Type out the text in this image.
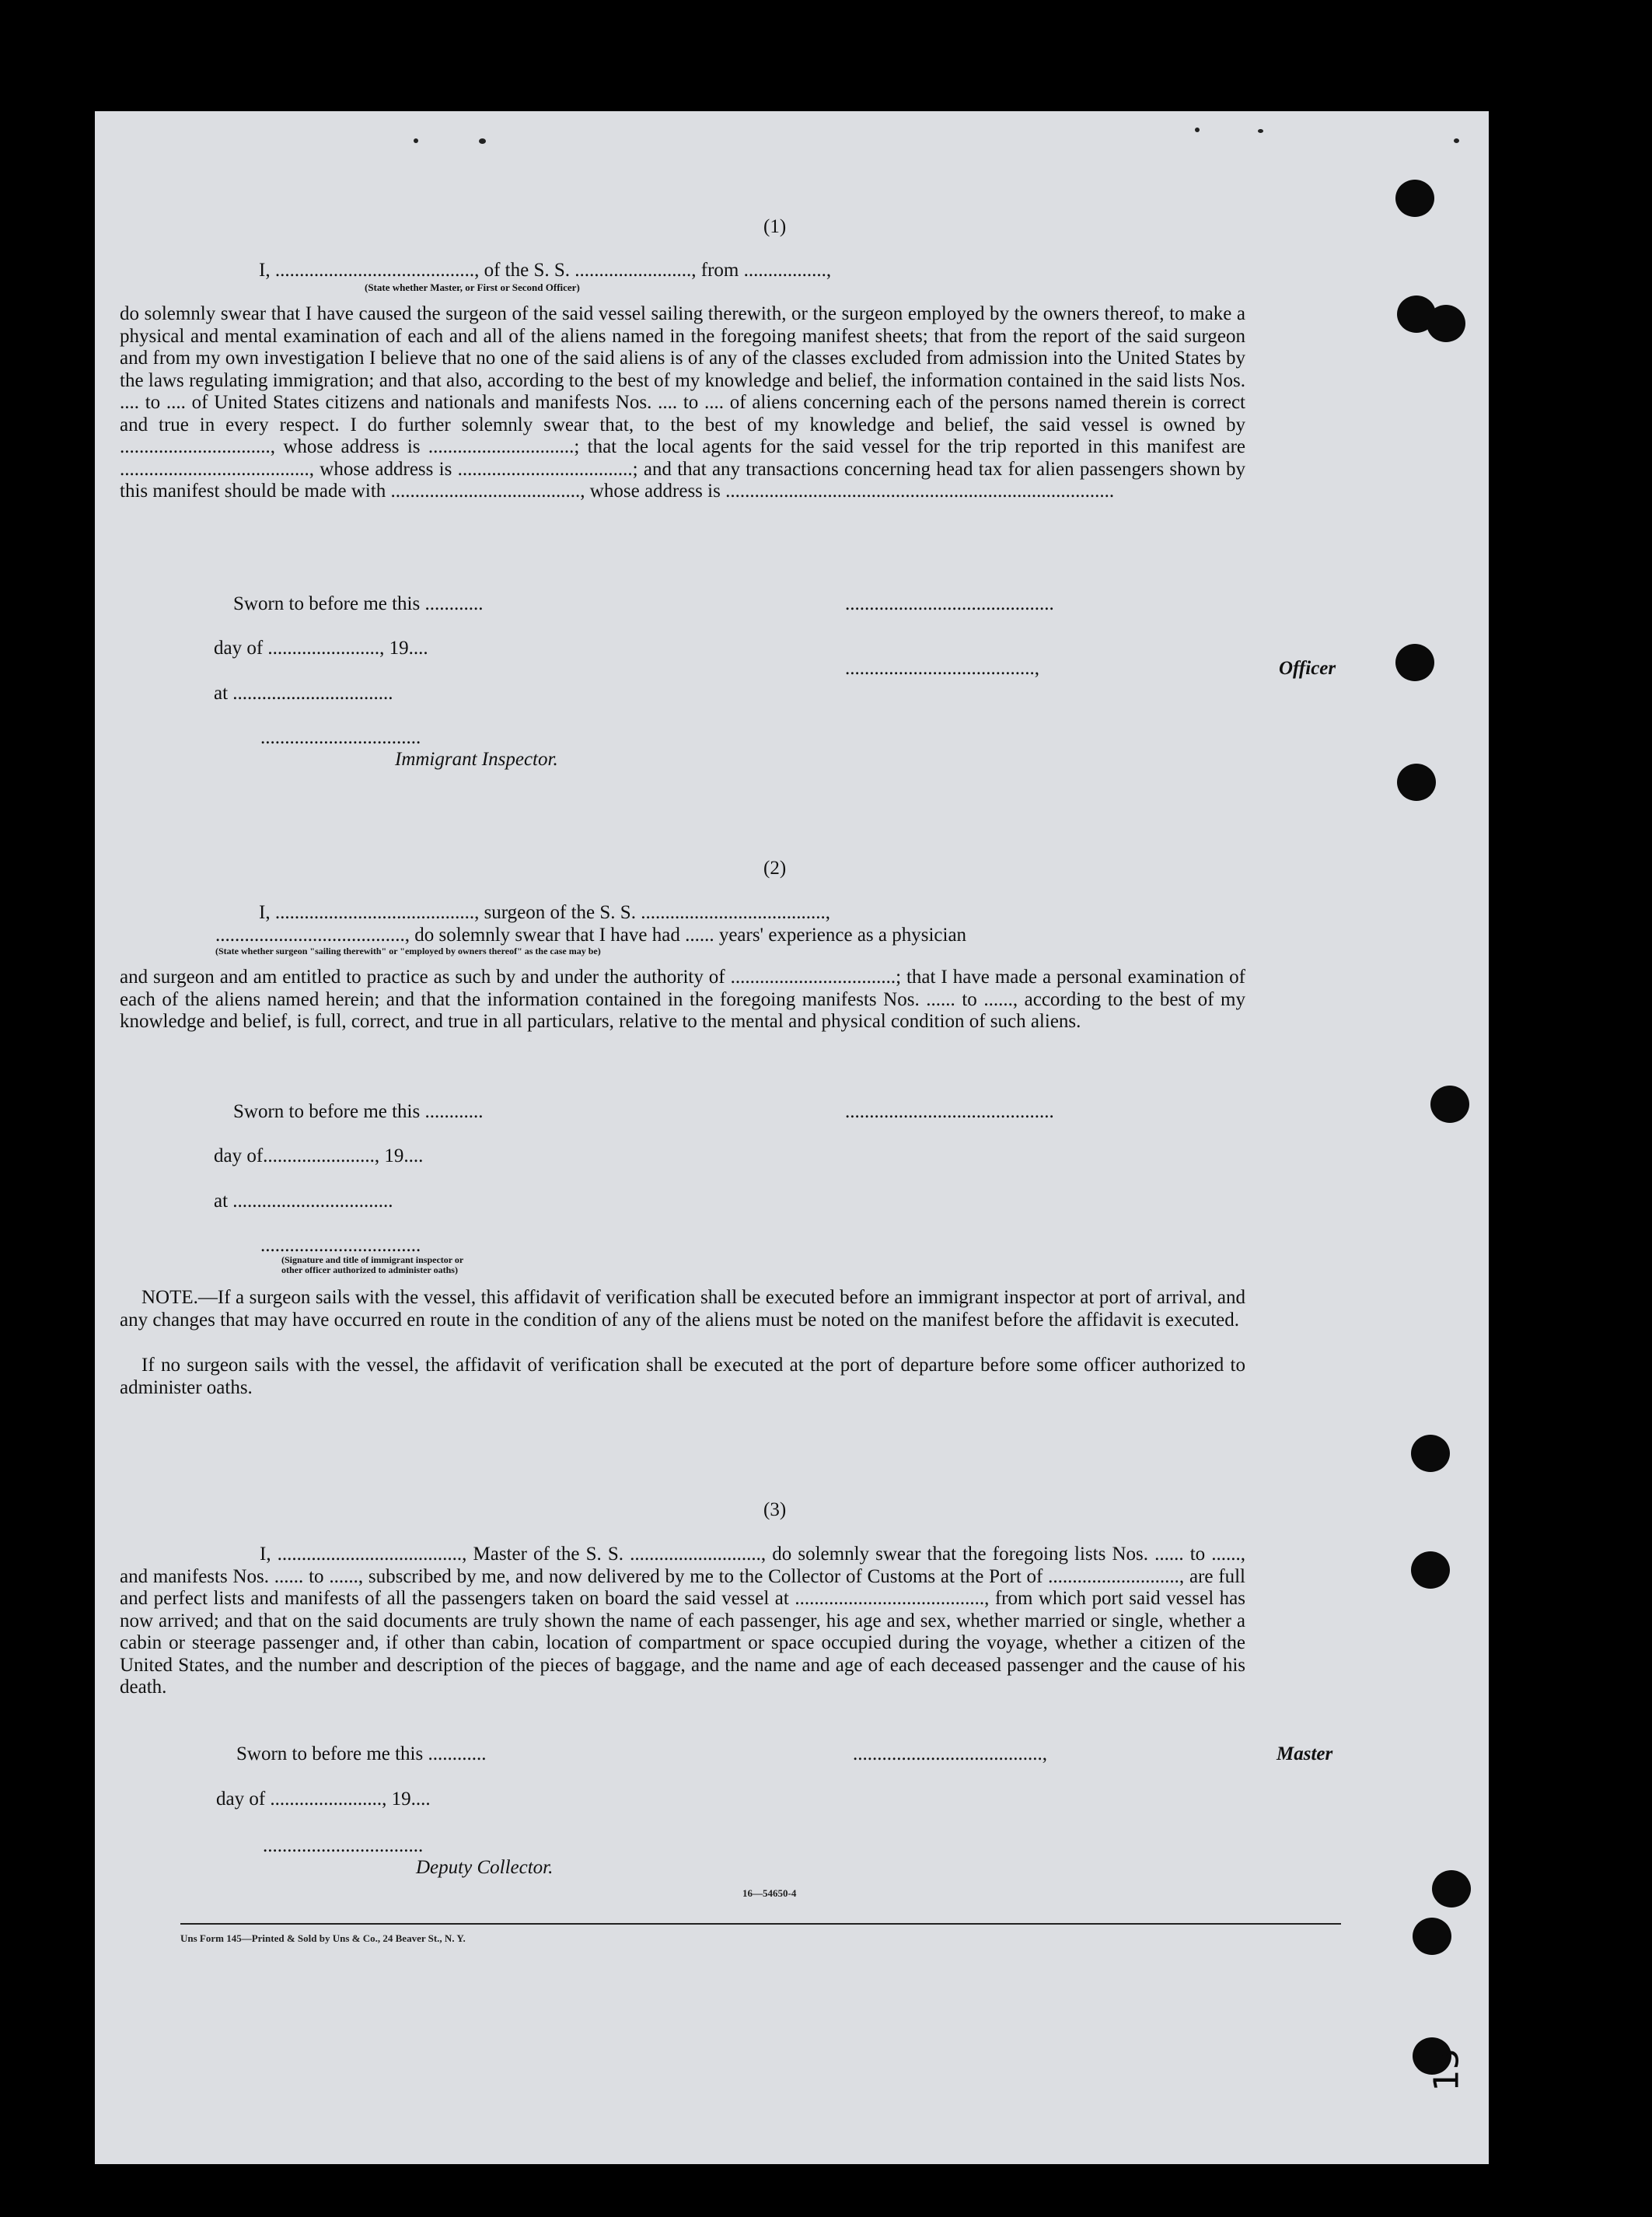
(1)
I, ........................................., of the S. S. ........................, from .................,
(State whether Master, or First or Second Officer)
do solemnly swear that I have caused the surgeon of the said vessel sailing therewith, or the surgeon employed by the owners thereof, to make a physical and mental examination of each and all of the aliens named in the foregoing manifest sheets; that from the report of the said surgeon and from my own investigation I believe that no one of the said aliens is of any of the classes excluded from admission into the United States by the laws regulating immigration; and that also, according to the best of my knowledge and belief, the information contained in the said lists Nos. .... to .... of United States citizens and nationals and manifests Nos. .... to .... of aliens concerning each of the persons named therein is correct and true in every respect. I do further solemnly swear that, to the best of my knowledge and belief, the said vessel is owned by ..............................., whose address is ..............................; that the local agents for the said vessel for the trip reported in this manifest are ......................................., whose address is ....................................; and that any transactions concerning head tax for alien passengers shown by this manifest should be made with ......................................., whose address is ................................................................................
Sworn to before me this ............
day of ......................., 19....
at .................................
.................................
Immigrant Inspector.
...........................................
.......................................,	Officer
(2)
I, ........................................., surgeon of the S. S. ......................................,
......................................., do solemnly swear that I have had ...... years' experience as a physician
(State whether surgeon "sailing therewith" or "employed by owners thereof" as the case may be)
and surgeon and am entitled to practice as such by and under the authority of ..................................; that I have made a personal examination of each of the aliens named herein; and that the information contained in the foregoing manifests Nos. ...... to ......, according to the best of my knowledge and belief, is full, correct, and true in all particulars, relative to the mental and physical condition of such aliens.
Sworn to before me this ............
day of......................., 19....
at .................................
.................................
(Signature and title of immigrant inspector or
other officer authorized to administer oaths)
...........................................
NOTE.—If a surgeon sails with the vessel, this affidavit of verification shall be executed before an immigrant inspector at port of arrival, and any changes that may have occurred en route in the condition of any of the aliens must be noted on the manifest before the affidavit is executed.
If no surgeon sails with the vessel, the affidavit of verification shall be executed at the port of departure before some officer authorized to administer oaths.
(3)
I, ......................................, Master of the S. S. ..........................., do solemnly swear that the foregoing lists Nos. ...... to ......, and manifests Nos. ...... to ......, subscribed by me, and now delivered by me to the Collector of Customs at the Port of ..........................., are full and perfect lists and manifests of all the passengers taken on board the said vessel at ......................................., from which port said vessel has now arrived; and that on the said documents are truly shown the name of each passenger, his age and sex, whether married or single, whether a cabin or steerage passenger and, if other than cabin, location of compartment or space occupied during the voyage, whether a citizen of the United States, and the number and description of the pieces of baggage, and the name and age of each deceased passenger and the cause of his death.
Sworn to before me this ............
day of ......................., 19....
.................................
Deputy Collector.
.......................................,	Master
16—54650-4
Uns Form 145—Printed & Sold by Uns & Co., 24 Beaver St., N. Y.
15
